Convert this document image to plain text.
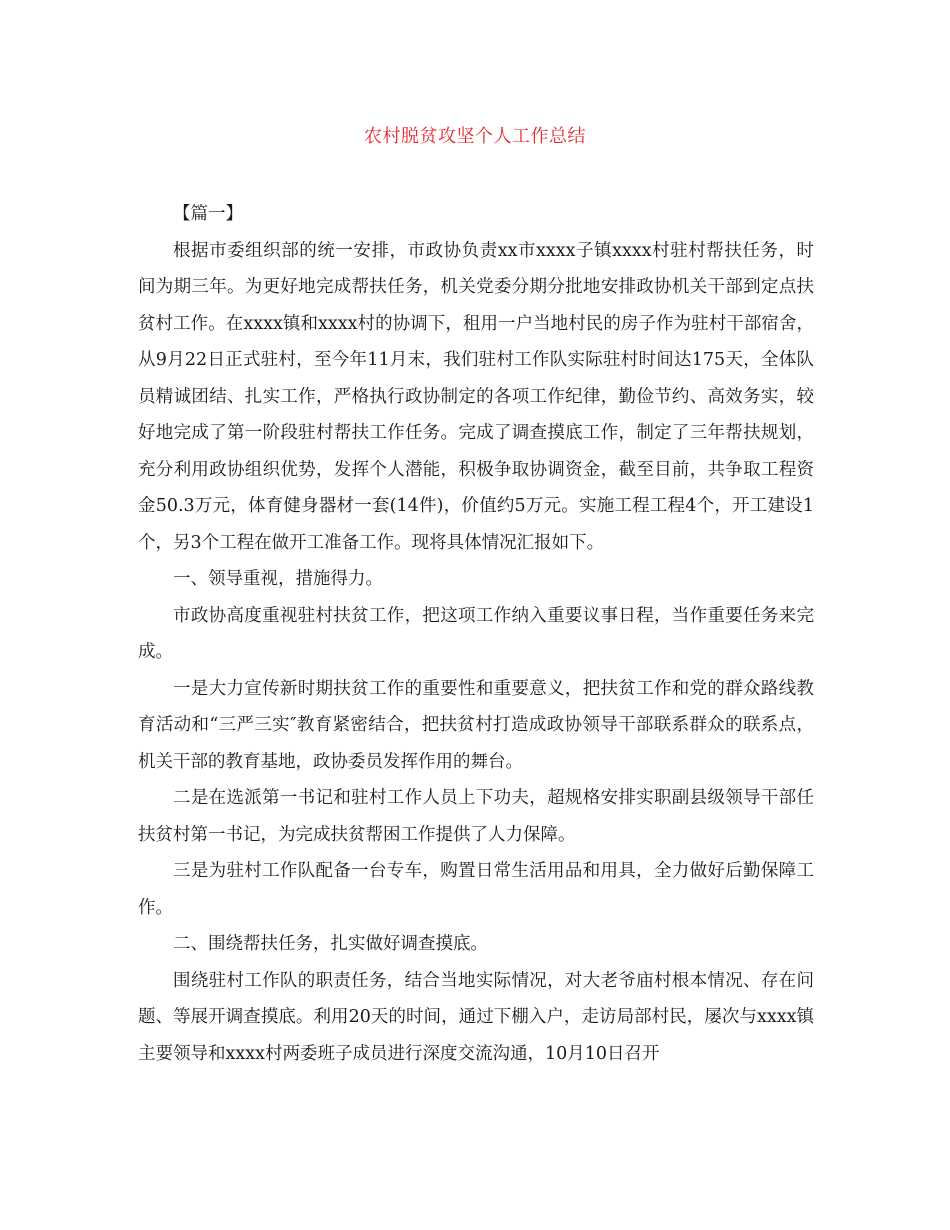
农村脱贫攻坚个人工作总结

【篇一】

根据市委组织部的统一安排，市政协负责xx市xxxx子镇xxxx村驻村帮扶任务，时间为期三年。为更好地完成帮扶任务，机关党委分期分批地安排政协机关干部到定点扶贫村工作。在xxxx镇和xxxx村的协调下，租用一户当地村民的房子作为驻村干部宿舍，从9月22日正式驻村，至今年11月末，我们驻村工作队实际驻村时间达175天，全体队员精诚团结、扎实工作，严格执行政协制定的各项工作纪律，勤俭节约、高效务实，较好地完成了第一阶段驻村帮扶工作任务。完成了调查摸底工作，制定了三年帮扶规划，充分利用政协组织优势，发挥个人潜能，积极争取协调资金，截至目前，共争取工程资金50.3万元，体育健身器材一套(14件)，价值约5万元。实施工程工程4个，开工建设1个，另3个工程在做开工准备工作。现将具体情况汇报如下。

一、领导重视，措施得力。

市政协高度重视驻村扶贫工作，把这项工作纳入重要议事日程，当作重要任务来完成。

一是大力宣传新时期扶贫工作的重要性和重要意义，把扶贫工作和党的群众路线教育活动和“三严三实″教育紧密结合，把扶贫村打造成政协领导干部联系群众的联系点，机关干部的教育基地，政协委员发挥作用的舞台。

二是在选派第一书记和驻村工作人员上下功夫，超规格安排实职副县级领导干部任扶贫村第一书记，为完成扶贫帮困工作提供了人力保障。

三是为驻村工作队配备一台专车，购置日常生活用品和用具，全力做好后勤保障工作。

二、围绕帮扶任务，扎实做好调查摸底。

围绕驻村工作队的职责任务，结合当地实际情况，对大老爷庙村根本情况、存在问题、等展开调查摸底。利用20天的时间，通过下棚入户，走访局部村民，屡次与xxxx镇主要领导和xxxx村两委班子成员进行深度交流沟通，10月10日召开
